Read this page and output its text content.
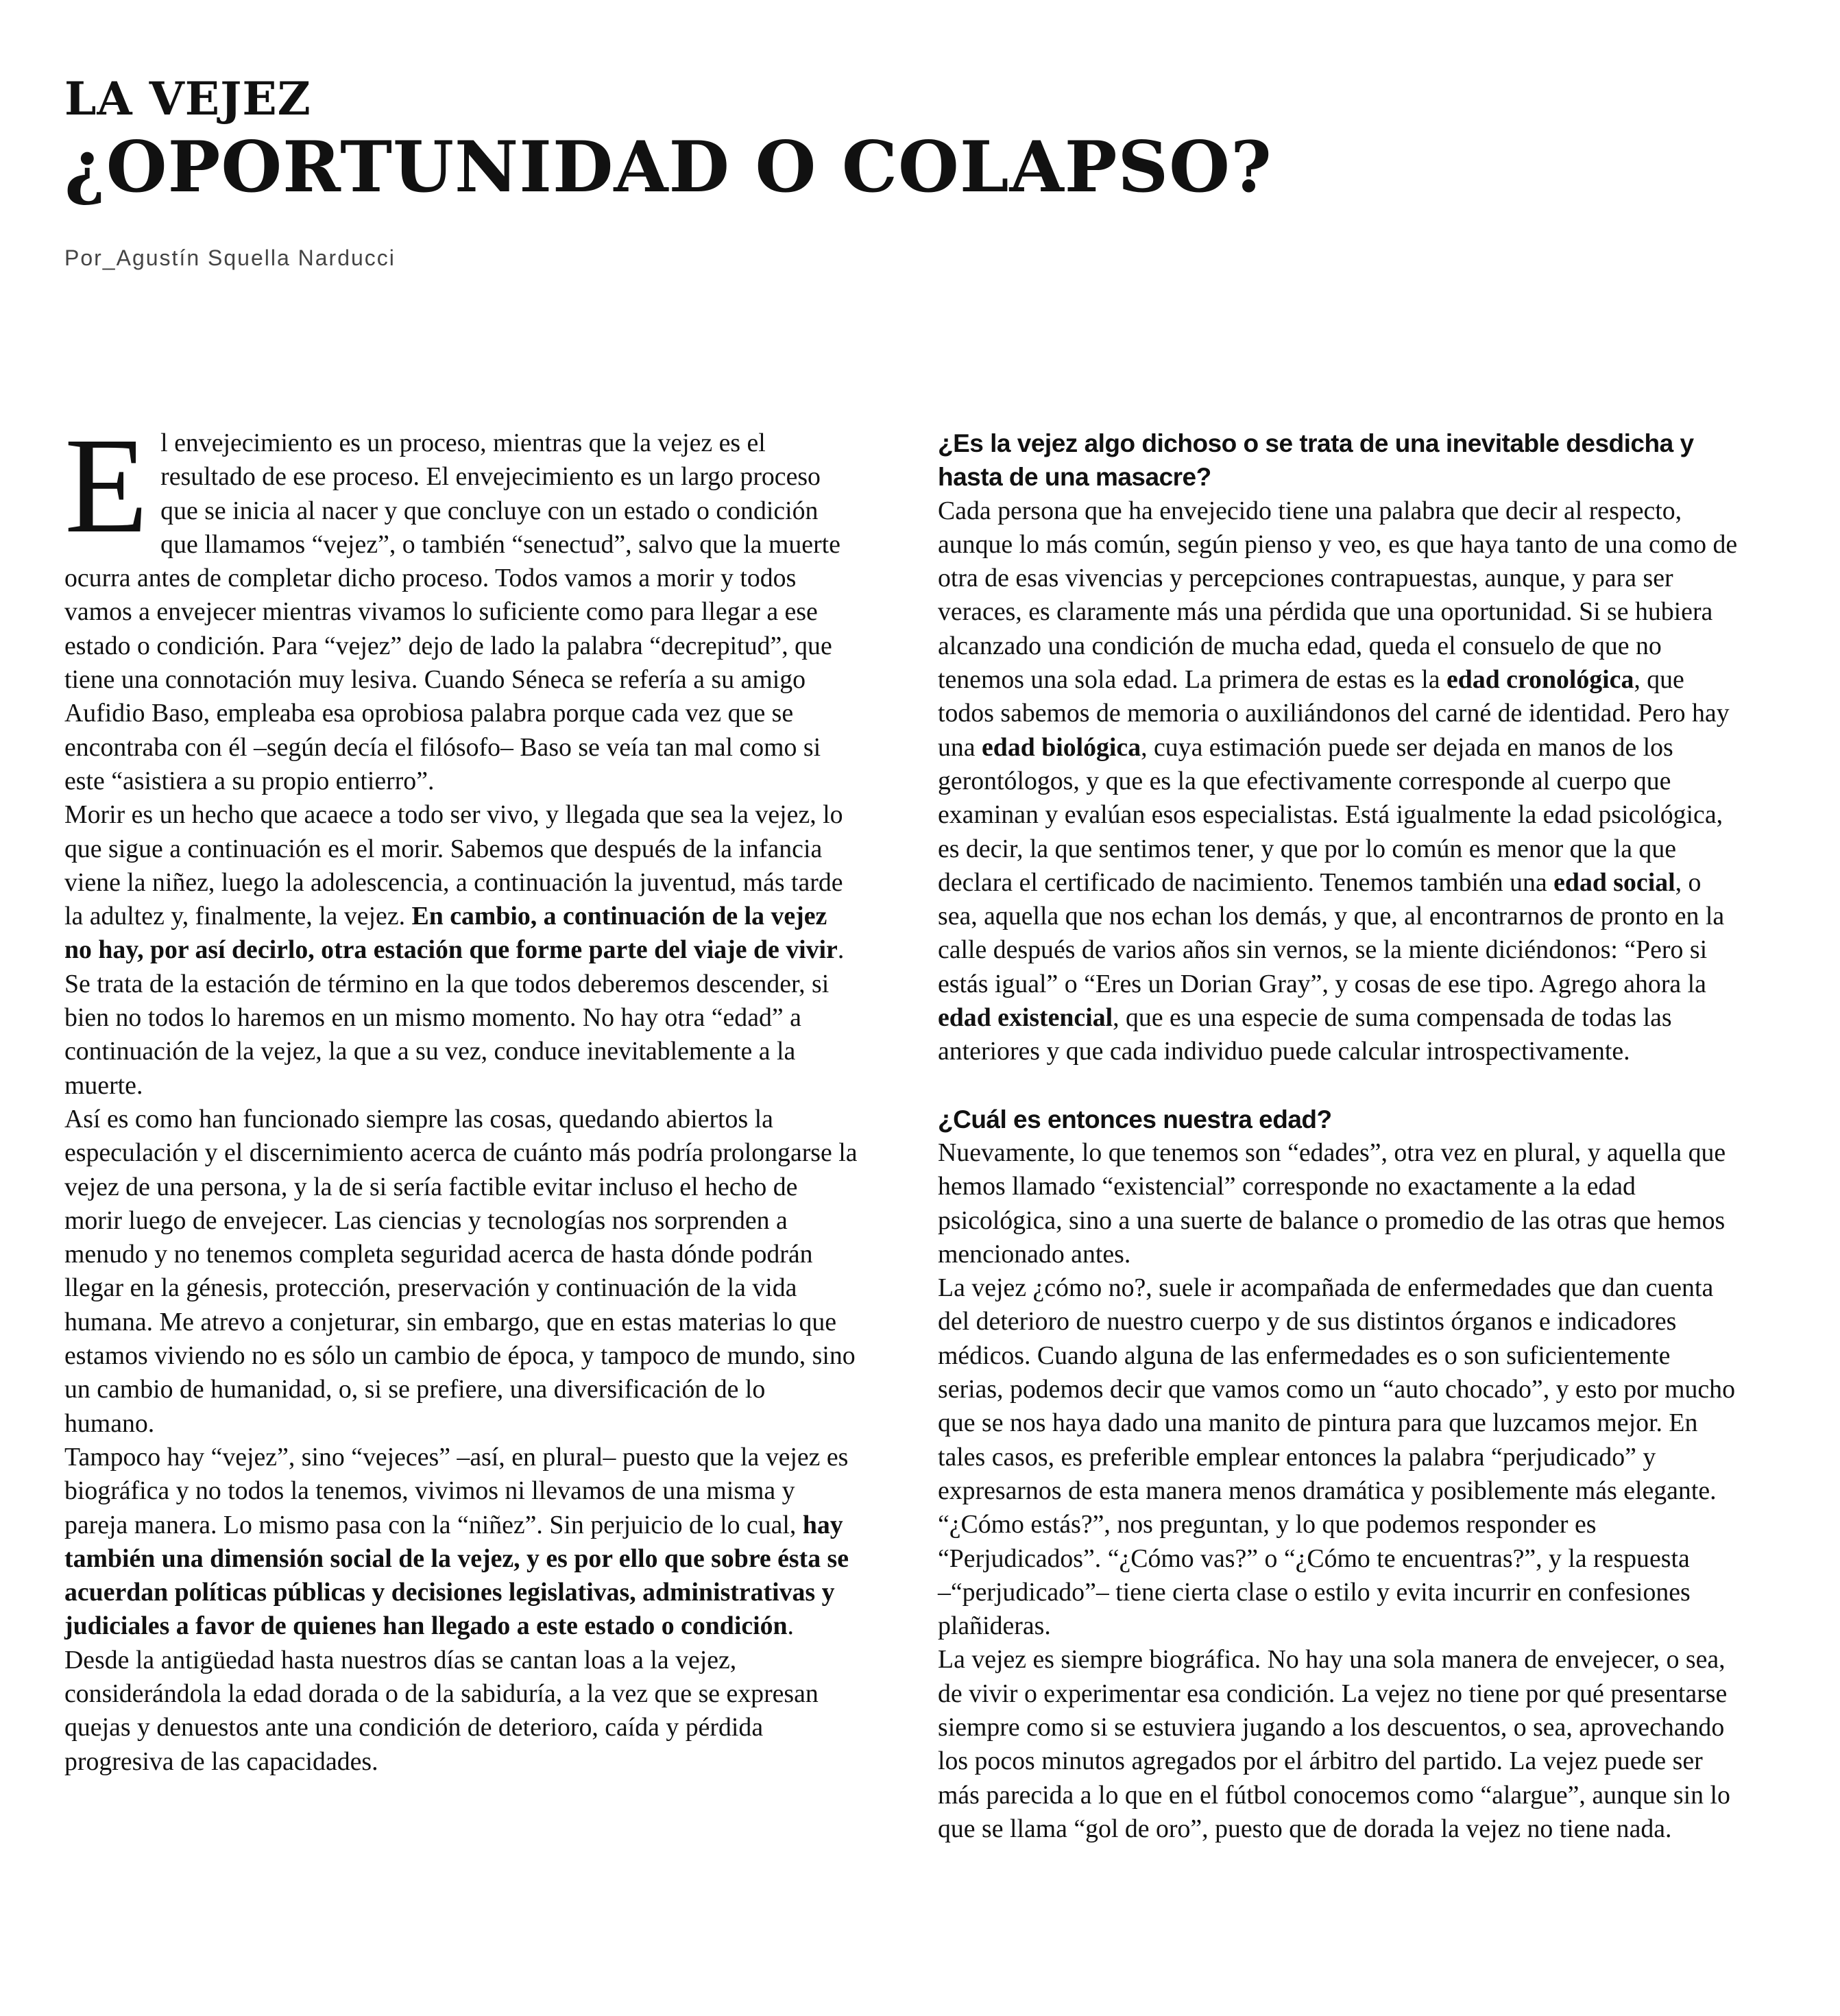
LA VEJEZ
¿OPORTUNIDAD O COLAPSO?

Por_Agustín Squella Narducci

El envejecimiento es un proceso, mientras que la vejez es el resultado de ese proceso. El envejecimiento es un largo proceso que se inicia al nacer y que concluye con un estado o condición que llamamos “vejez”, o también “senectud”, salvo que la muerte ocurra antes de completar dicho proceso. Todos vamos a morir y todos vamos a envejecer mientras vivamos lo suficiente como para llegar a ese estado o condición. Para “vejez” dejo de lado la palabra “decrepitud”, que tiene una connotación muy lesiva. Cuando Séneca se refería a su amigo Aufidio Baso, empleaba esa oprobiosa palabra porque cada vez que se encontraba con él –según decía el filósofo– Baso se veía tan mal como si este “asistiera a su propio entierro”.

Morir es un hecho que acaece a todo ser vivo, y llegada que sea la vejez, lo que sigue a continuación es el morir. Sabemos que después de la infancia viene la niñez, luego la adolescencia, a continuación la juventud, más tarde la adultez y, finalmente, la vejez. En cambio, a continuación de la vejez no hay, por así decirlo, otra estación que forme parte del viaje de vivir. Se trata de la estación de término en la que todos deberemos descender, si bien no todos lo haremos en un mismo momento. No hay otra “edad” a continuación de la vejez, la que a su vez, conduce inevitablemente a la muerte.

Así es como han funcionado siempre las cosas, quedando abiertos la especulación y el discernimiento acerca de cuánto más podría prolongarse la vejez de una persona, y la de si sería factible evitar incluso el hecho de morir luego de envejecer. Las ciencias y tecnologías nos sorprenden a menudo y no tenemos completa seguridad acerca de hasta dónde podrán llegar en la génesis, protección, preservación y continuación de la vida humana. Me atrevo a conjeturar, sin embargo, que en estas materias lo que estamos viviendo no es sólo un cambio de época, y tampoco de mundo, sino un cambio de humanidad, o, si se prefiere, una diversificación de lo humano.

Tampoco hay “vejez”, sino “vejeces” –así, en plural– puesto que la vejez es biográfica y no todos la tenemos, vivimos ni llevamos de una misma y pareja manera. Lo mismo pasa con la “niñez”. Sin perjuicio de lo cual, hay también una dimensión social de la vejez, y es por ello que sobre ésta se acuerdan políticas públicas y decisiones legislativas, administrativas y judiciales a favor de quienes han llegado a este estado o condición.

Desde la antigüedad hasta nuestros días se cantan loas a la vejez, considerándola la edad dorada o de la sabiduría, a la vez que se expresan quejas y denuestos ante una condición de deterioro, caída y pérdida progresiva de las capacidades.

¿Es la vejez algo dichoso o se trata de una inevitable desdicha y hasta de una masacre?

Cada persona que ha envejecido tiene una palabra que decir al respecto, aunque lo más común, según pienso y veo, es que haya tanto de una como de otra de esas vivencias y percepciones contrapuestas, aunque, y para ser veraces, es claramente más una pérdida que una oportunidad. Si se hubiera alcanzado una condición de mucha edad, queda el consuelo de que no tenemos una sola edad. La primera de estas es la edad cronológica, que todos sabemos de memoria o auxiliándonos del carné de identidad. Pero hay una edad biológica, cuya estimación puede ser dejada en manos de los gerontólogos, y que es la que efectivamente corresponde al cuerpo que examinan y evalúan esos especialistas. Está igualmente la edad psicológica, es decir, la que sentimos tener, y que por lo común es menor que la que declara el certificado de nacimiento. Tenemos también una edad social, o sea, aquella que nos echan los demás, y que, al encontrarnos de pronto en la calle después de varios años sin vernos, se la miente diciéndonos: “Pero si estás igual” o “Eres un Dorian Gray”, y cosas de ese tipo. Agrego ahora la edad existencial, que es una especie de suma compensada de todas las anteriores y que cada individuo puede calcular introspectivamente.

¿Cuál es entonces nuestra edad?

Nuevamente, lo que tenemos son “edades”, otra vez en plural, y aquella que hemos llamado “existencial” corresponde no exactamente a la edad psicológica, sino a una suerte de balance o promedio de las otras que hemos mencionado antes.

La vejez ¿cómo no?, suele ir acompañada de enfermedades que dan cuenta del deterioro de nuestro cuerpo y de sus distintos órganos e indicadores médicos. Cuando alguna de las enfermedades es o son suficientemente serias, podemos decir que vamos como un “auto chocado”, y esto por mucho que se nos haya dado una manito de pintura para que luzcamos mejor. En tales casos, es preferible emplear entonces la palabra “perjudicado” y expresarnos de esta manera menos dramática y posiblemente más elegante. “¿Cómo estás?”, nos preguntan, y lo que podemos responder es “Perjudicados”. “¿Cómo vas?” o “¿Cómo te encuentras?”, y la respuesta –“perjudicado”– tiene cierta clase o estilo y evita incurrir en confesiones plañideras.

La vejez es siempre biográfica. No hay una sola manera de envejecer, o sea, de vivir o experimentar esa condición. La vejez no tiene por qué presentarse siempre como si se estuviera jugando a los descuentos, o sea, aprovechando los pocos minutos agregados por el árbitro del partido. La vejez puede ser más parecida a lo que en el fútbol conocemos como “alargue”, aunque sin lo que se llama “gol de oro”, puesto que de dorada la vejez no tiene nada.
